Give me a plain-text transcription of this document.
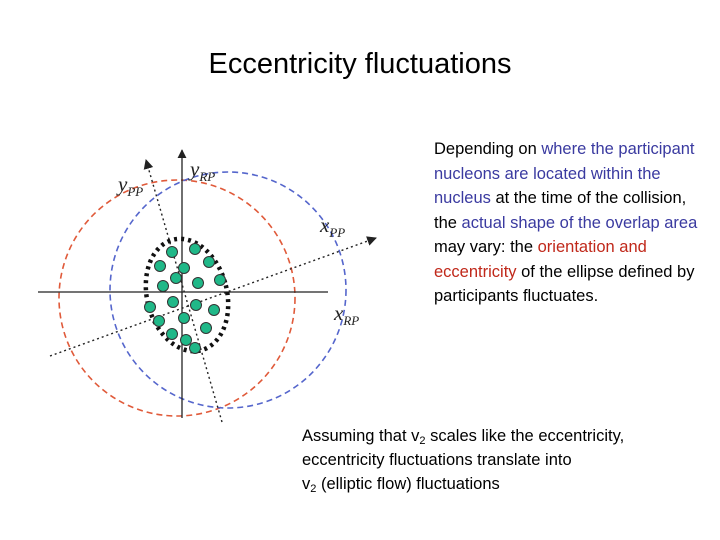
Eccentricity fluctuations
$y_{RP}$
$y_{PP}$
$x_{PP}$
$x_{RP}$
Depending on where the participant nucleons are located within the nucleus at the time of the collision, the actual shape of the overlap area may vary: the orientation and eccentricity of the ellipse defined by participants fluctuates.
Assuming that $v_2$ scales like the eccentricity,
eccentricity fluctuations translate into
$v_2$ (elliptic flow) fluctuations
